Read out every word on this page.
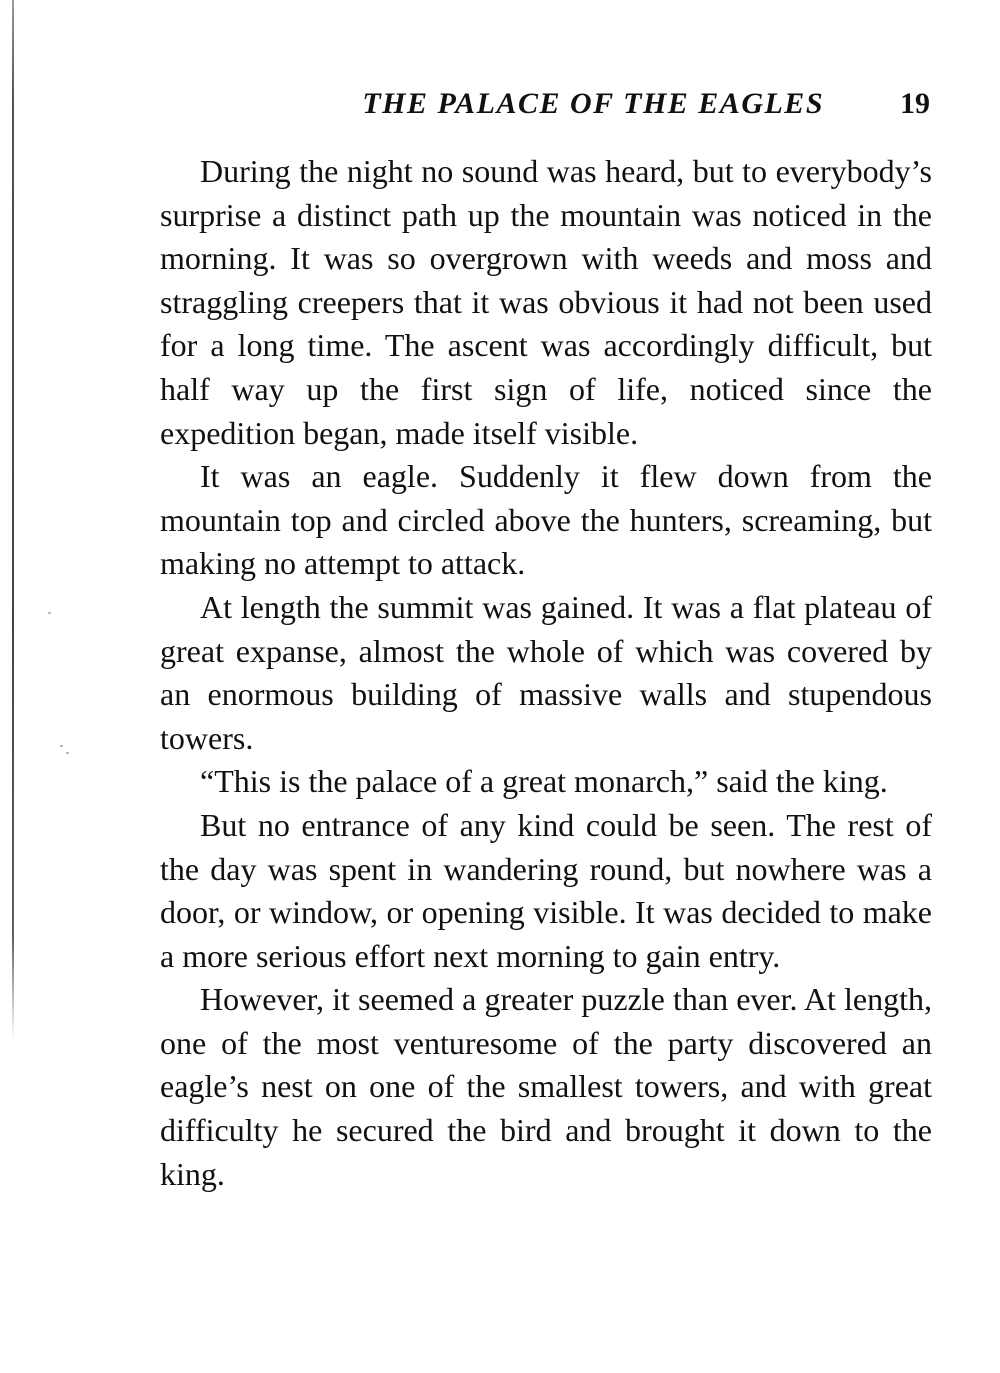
THE PALACE OF THE EAGLES	19

During the night no sound was heard, but to everybody’s surprise a distinct path up the mountain was noticed in the morning. It was so overgrown with weeds and moss and straggling creepers that it was obvious it had not been used for a long time. The ascent was accordingly difficult, but half way up the first sign of life, noticed since the expedition began, made itself visible.

It was an eagle. Suddenly it flew down from the mountain top and circled above the hunters, screaming, but making no attempt to attack.

At length the summit was gained. It was a flat plateau of great expanse, almost the whole of which was covered by an enormous building of massive walls and stupendous towers.

“This is the palace of a great monarch,” said the king.

But no entrance of any kind could be seen. The rest of the day was spent in wandering round, but nowhere was a door, or window, or opening visible. It was decided to make a more serious effort next morning to gain entry.

However, it seemed a greater puzzle than ever. At length, one of the most venturesome of the party discovered an eagle’s nest on one of the smallest towers, and with great difficulty he secured the bird and brought it down to the king.
